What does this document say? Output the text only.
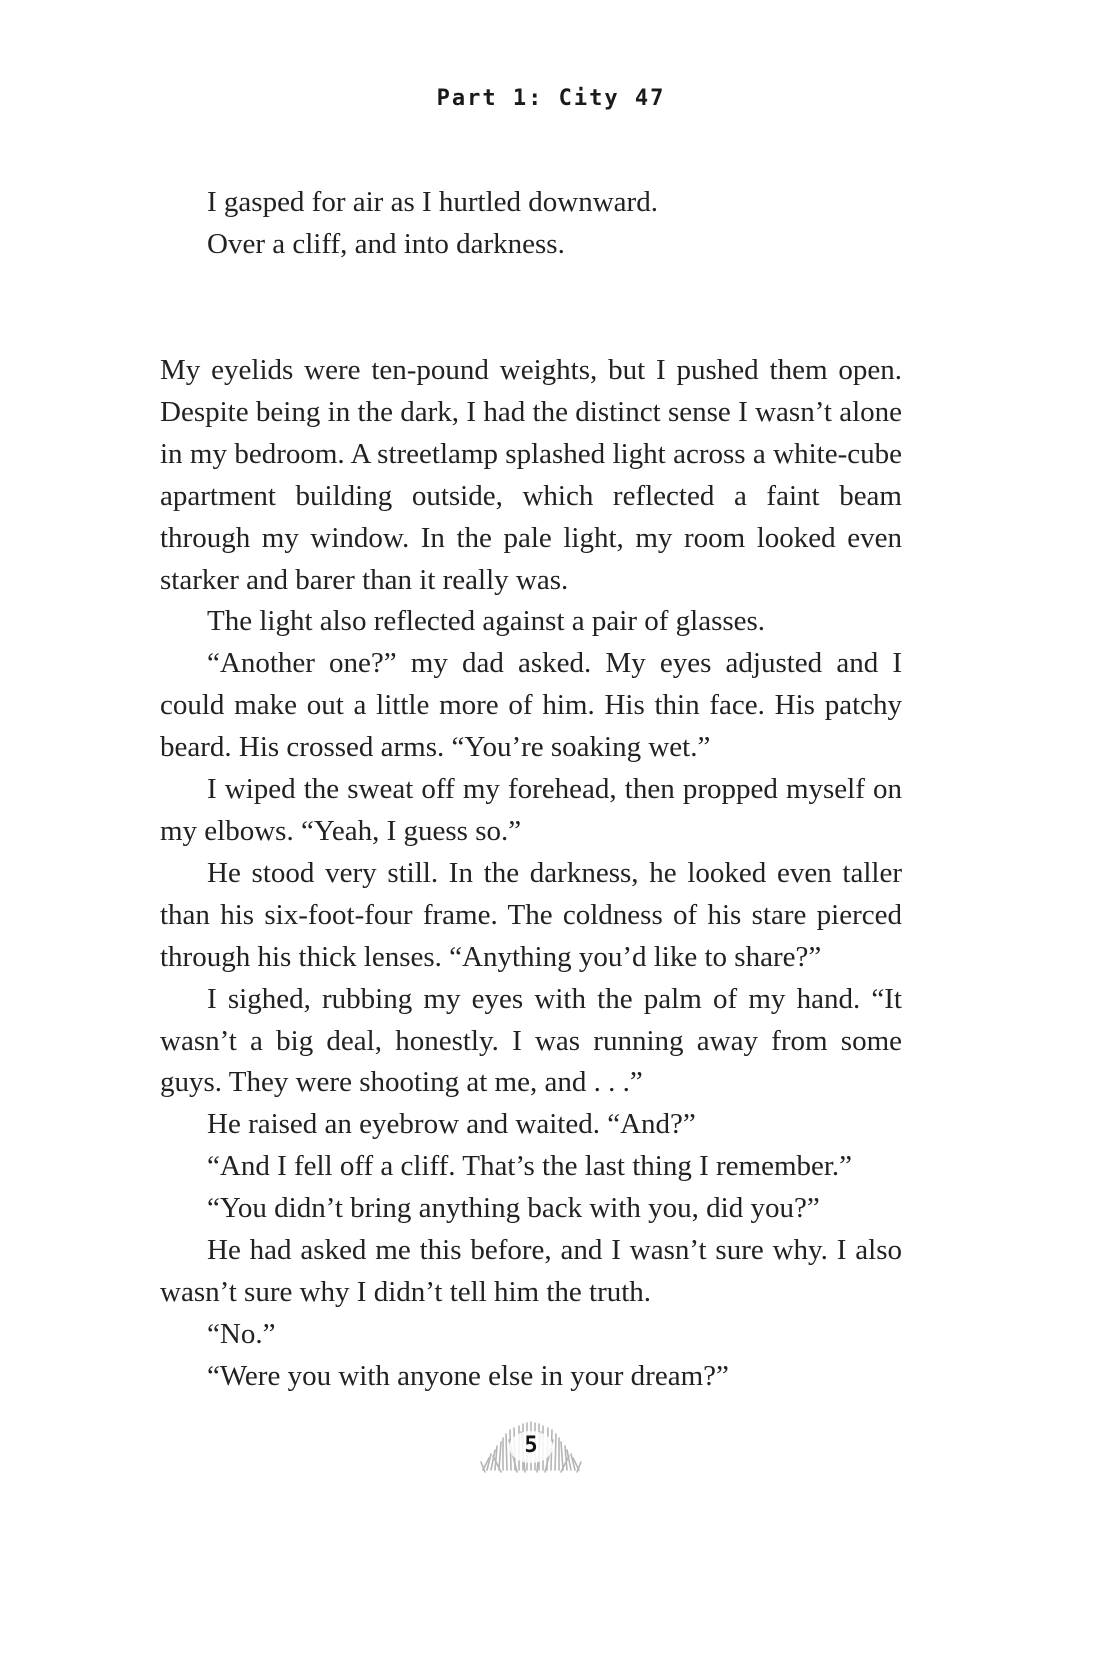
Part 1: City 47

I gasped for air as I hurtled downward.

Over a cliff, and into darkness.

My eyelids were ten-pound weights, but I pushed them open. Despite being in the dark, I had the distinct sense I wasn’t alone in my bedroom. A streetlamp splashed light across a white-cube apartment building outside, which reflected a faint beam through my window. In the pale light, my room looked even starker and barer than it really was.

The light also reflected against a pair of glasses.

“Another one?” my dad asked. My eyes adjusted and I could make out a little more of him. His thin face. His patchy beard. His crossed arms. “You’re soaking wet.”

I wiped the sweat off my forehead, then propped myself on my elbows. “Yeah, I guess so.”

He stood very still. In the darkness, he looked even taller than his six-foot-four frame. The coldness of his stare pierced through his thick lenses. “Anything you’d like to share?”

I sighed, rubbing my eyes with the palm of my hand. “It wasn’t a big deal, honestly. I was running away from some guys. They were shooting at me, and . . .”

He raised an eyebrow and waited. “And?”

“And I fell off a cliff. That’s the last thing I remember.”

“You didn’t bring anything back with you, did you?”

He had asked me this before, and I wasn’t sure why. I also wasn’t sure why I didn’t tell him the truth.

“No.”

“Were you with anyone else in your dream?”

5
